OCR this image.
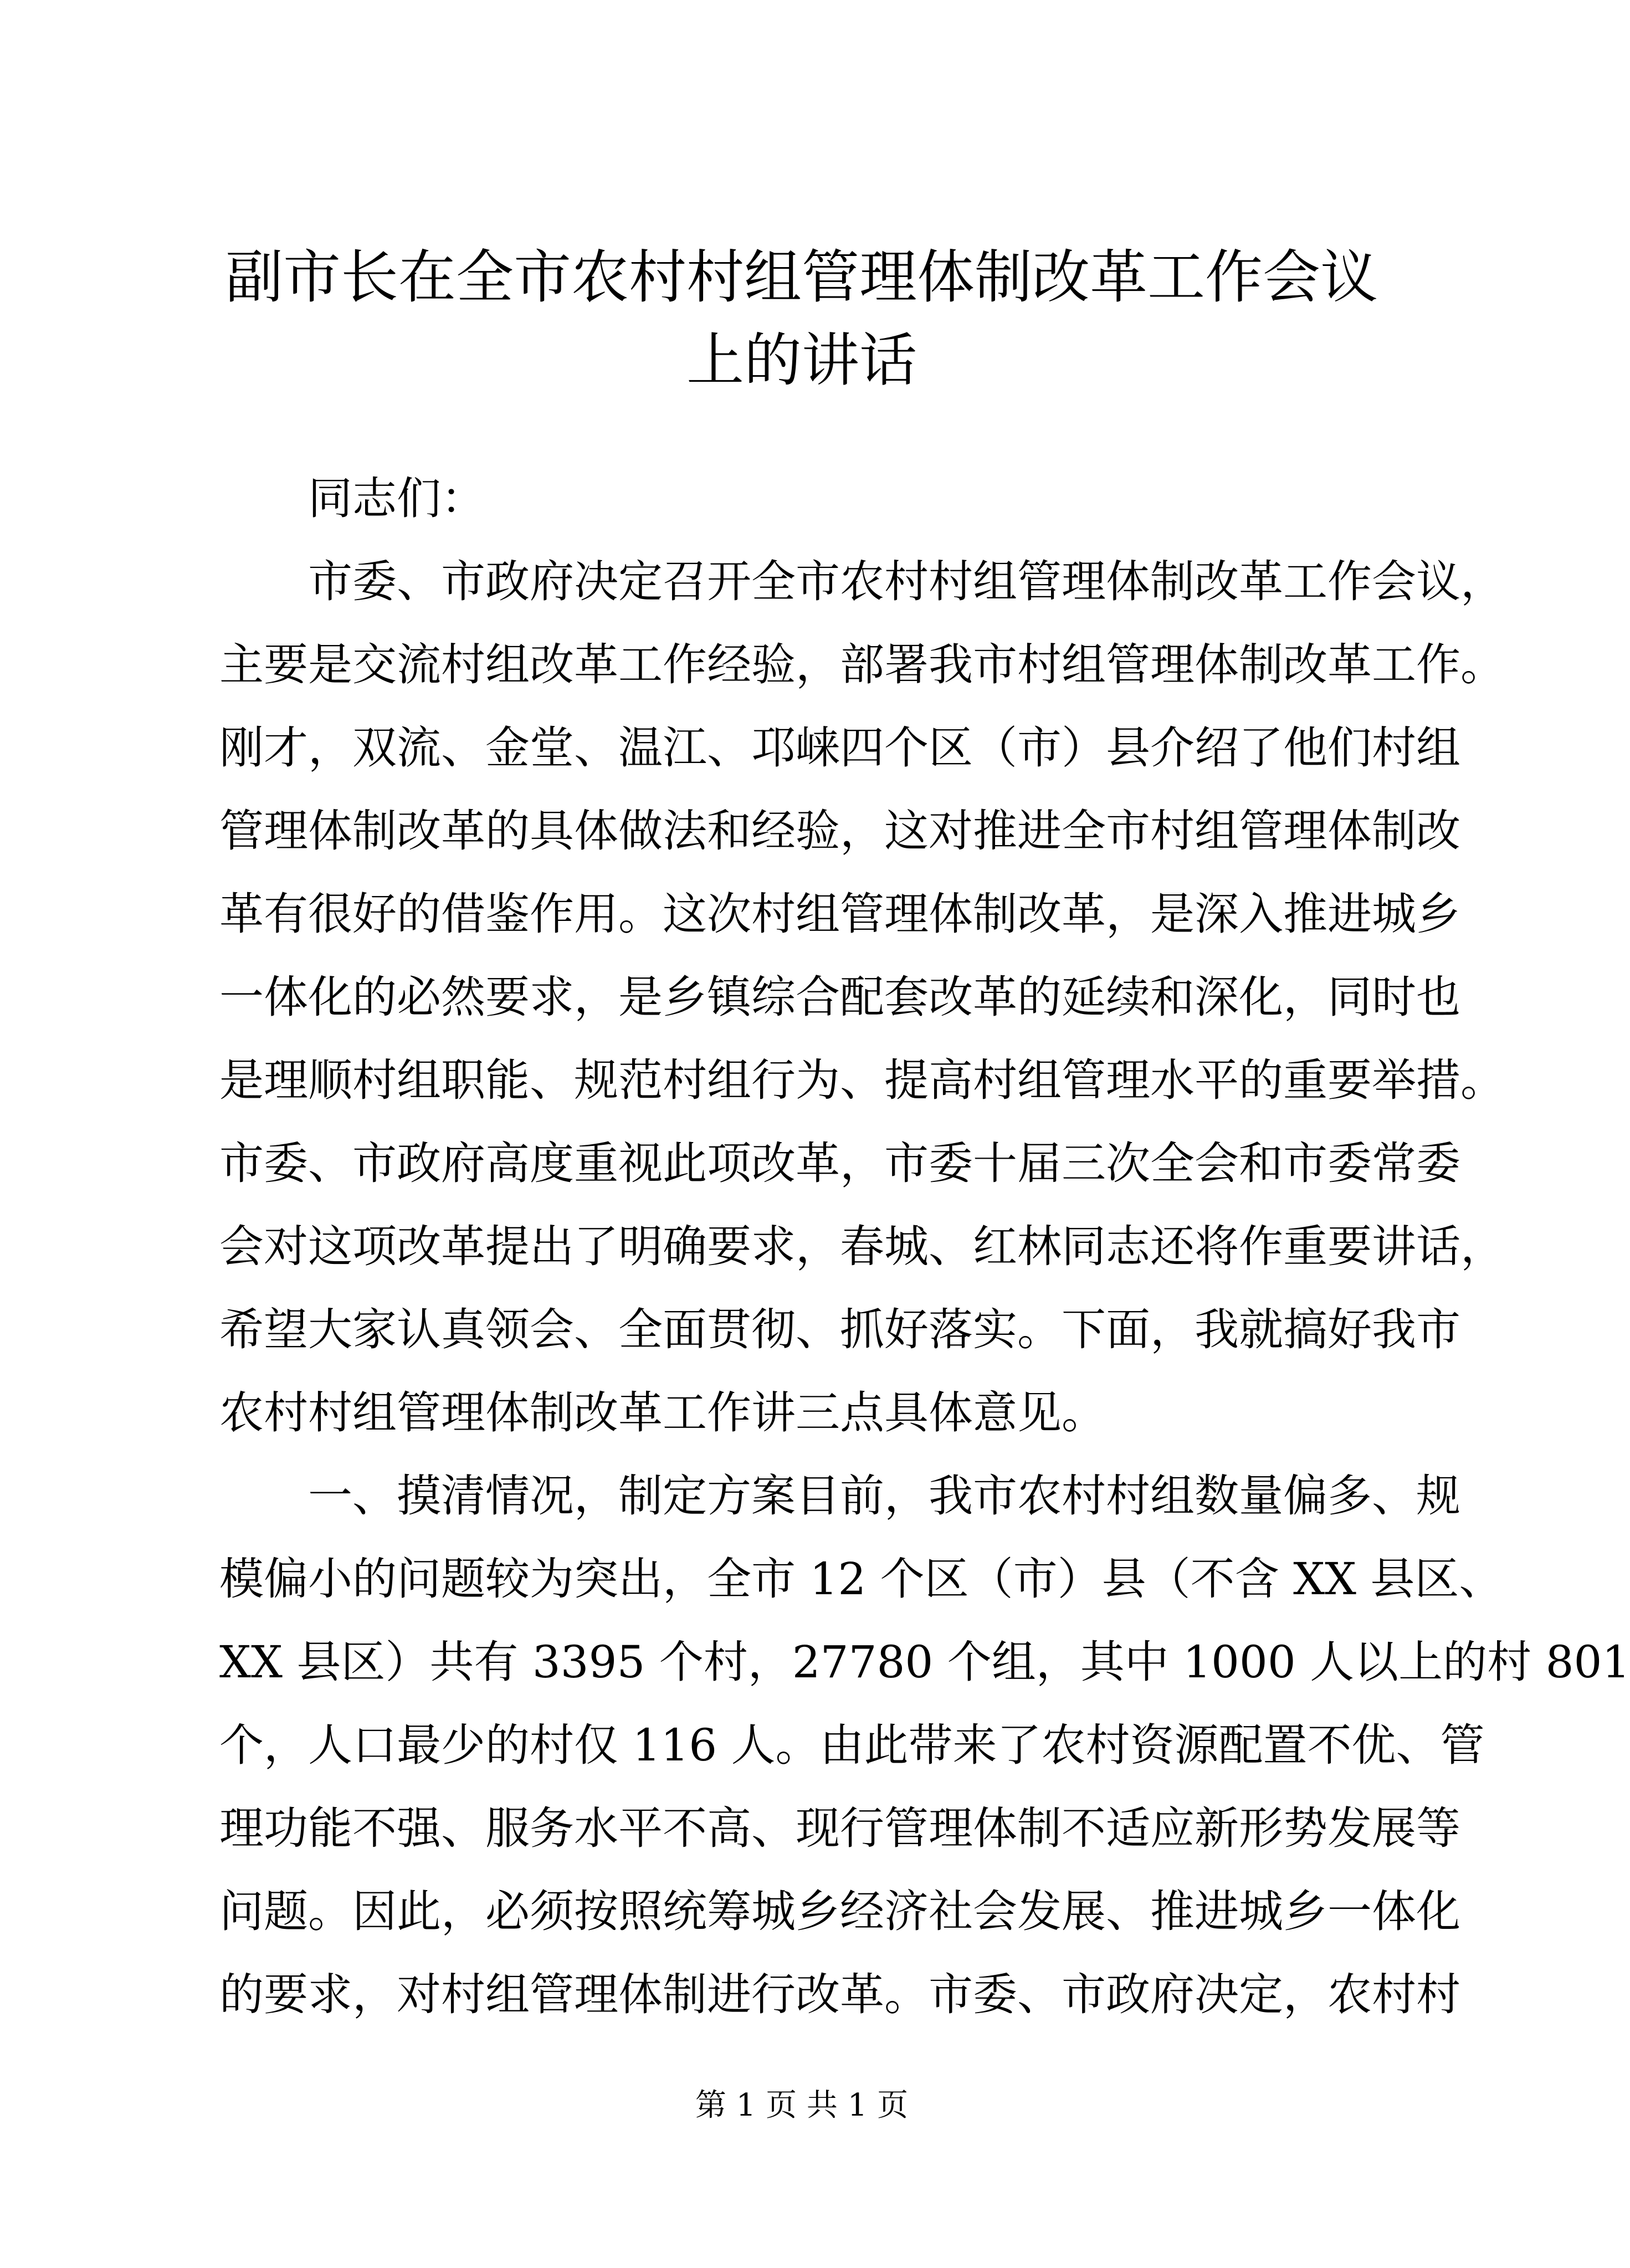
副市长在全市农村村组管理体制改革工作会议
上的讲话
同志们：
市委、市政府决定召开全市农村村组管理体制改革工作会议，
主要是交流村组改革工作经验，部署我市村组管理体制改革工作。
刚才，双流、金堂、温江、邛崃四个区（市）县介绍了他们村组
管理体制改革的具体做法和经验，这对推进全市村组管理体制改
革有很好的借鉴作用。这次村组管理体制改革，是深入推进城乡
一体化的必然要求，是乡镇综合配套改革的延续和深化，同时也
是理顺村组职能、规范村组行为、提高村组管理水平的重要举措。
市委、市政府高度重视此项改革，市委十届三次全会和市委常委
会对这项改革提出了明确要求，春城、红林同志还将作重要讲话，
希望大家认真领会、全面贯彻、抓好落实。下面，我就搞好我市
农村村组管理体制改革工作讲三点具体意见。
一、摸清情况，制定方案目前，我市农村村组数量偏多、规
模偏小的问题较为突出，全市 12 个区（市）县（不含 XX 县区、
XX 县区）共有 3395 个村，27780 个组，其中 1000 人以上的村 801
个，人口最少的村仅 116 人。由此带来了农村资源配置不优、管
理功能不强、服务水平不高、现行管理体制不适应新形势发展等
问题。因此，必须按照统筹城乡经济社会发展、推进城乡一体化
的要求，对村组管理体制进行改革。市委、市政府决定，农村村
第 1 页 共 1 页
